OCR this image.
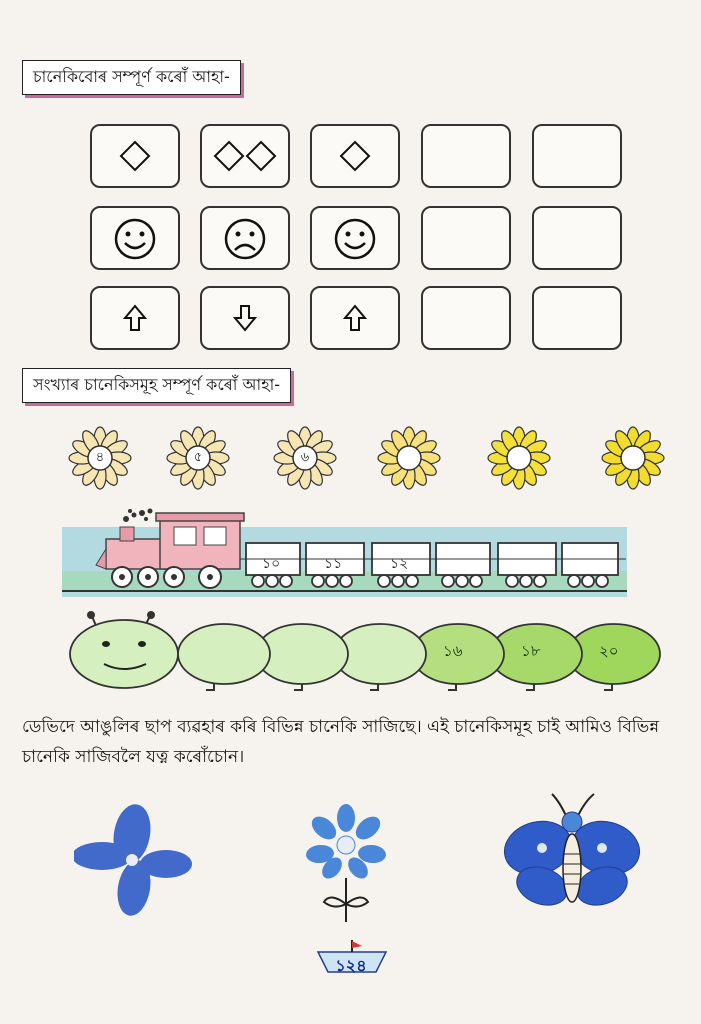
চানেকিবোৰ সম্পূৰ্ণ কৰোঁ আহা-
সংখ্যাৰ চানেকিসমূহ সম্পূৰ্ণ কৰোঁ আহা-
৪	৫	৬
১০	১১	১২
১৬	১৮	২০
ডেভিদে আঙুলিৰ ছাপ ব্যৱহাৰ কৰি বিভিন্ন চানেকি সাজিছে। এই চানেকিসমূহ চাই আমিও বিভিন্ন চানেকি সাজিবলৈ যত্ন কৰোঁচোন।
১২৪
